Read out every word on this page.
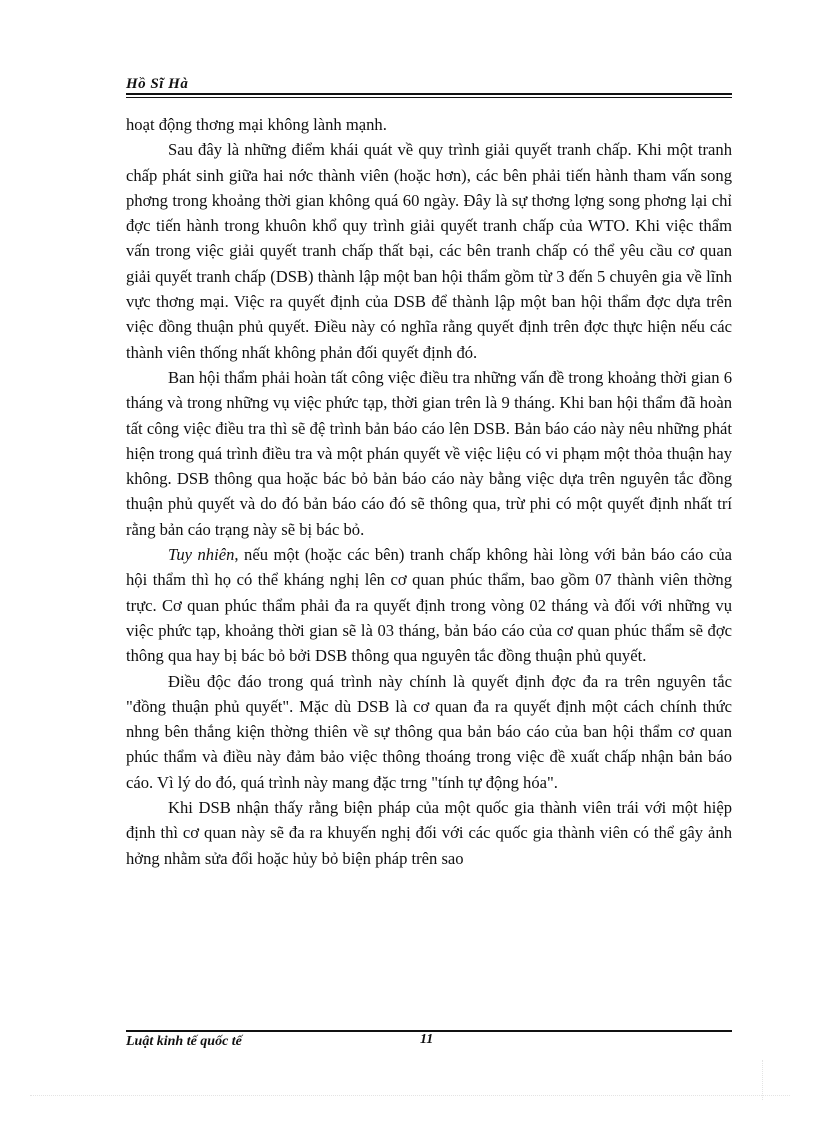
Hồ Sĩ Hà

hoạt động thơng mại không lành mạnh.

Sau đây là những điểm khái quát về quy trình giải quyết tranh chấp. Khi một tranh chấp phát sinh giữa hai nớc thành viên (hoặc hơn), các bên phải tiến hành tham vấn song phơng trong khoảng thời gian không quá 60 ngày. Đây là sự thơng lợng song phơng lại chỉ đợc tiến hành trong khuôn khổ quy trình giải quyết tranh chấp của WTO. Khi việc thẩm vấn trong việc giải quyết tranh chấp thất bại, các bên tranh chấp có thể yêu cầu cơ quan giải quyết tranh chấp (DSB) thành lập một ban hội thẩm gồm từ 3 đến 5 chuyên gia về lĩnh vực thơng mại. Việc ra quyết định của DSB để thành lập một ban hội thẩm đợc dựa trên việc đồng thuận phủ quyết. Điều này có nghĩa rằng quyết định trên đợc thực hiện nếu các thành viên thống nhất không phản đối quyết định đó.

Ban hội thẩm phải hoàn tất công việc điều tra những vấn đề trong khoảng thời gian 6 tháng và trong những vụ việc phức tạp, thời gian trên là 9 tháng. Khi ban hội thẩm đã hoàn tất công việc điều tra thì sẽ đệ trình bản báo cáo lên DSB. Bản báo cáo này nêu những phát hiện trong quá trình điều tra và một phán quyết về việc liệu có vi phạm một thỏa thuận hay không. DSB thông qua hoặc bác bỏ bản báo cáo này bằng việc dựa trên nguyên tắc đồng thuận phủ quyết và do đó bản báo cáo đó sẽ thông qua, trừ phi có một quyết định nhất trí rằng bản cáo trạng này sẽ bị bác bỏ.

Tuy nhiên, nếu một (hoặc các bên) tranh chấp không hài lòng với bản báo cáo của hội thẩm thì họ có thể kháng nghị lên cơ quan phúc thẩm, bao gồm 07 thành viên thờng trực. Cơ quan phúc thẩm phải đa ra quyết định trong vòng 02 tháng và đối với những vụ việc phức tạp, khoảng thời gian sẽ là 03 tháng, bản báo cáo của cơ quan phúc thẩm sẽ đợc thông qua hay bị bác bỏ bởi DSB thông qua nguyên tắc đồng thuận phủ quyết.

Điều độc đáo trong quá trình này chính là quyết định đợc đa ra trên nguyên tắc "đồng thuận phủ quyết". Mặc dù DSB là cơ quan đa ra quyết định một cách chính thức nhng bên thắng kiện thờng thiên về sự thông qua bản báo cáo của ban hội thẩm cơ quan phúc thẩm và điều này đảm bảo việc thông thoáng trong việc đề xuất chấp nhận bản báo cáo. Vì lý do đó, quá trình này mang đặc trng "tính tự động hóa".

Khi DSB nhận thấy rằng biện pháp của một quốc gia thành viên trái với một hiệp định thì cơ quan này sẽ đa ra khuyến nghị đối với các quốc gia thành viên có thể gây ảnh hởng nhằm sửa đổi hoặc hủy bỏ biện pháp trên sao

Luật kinh tế quốc tế	11
